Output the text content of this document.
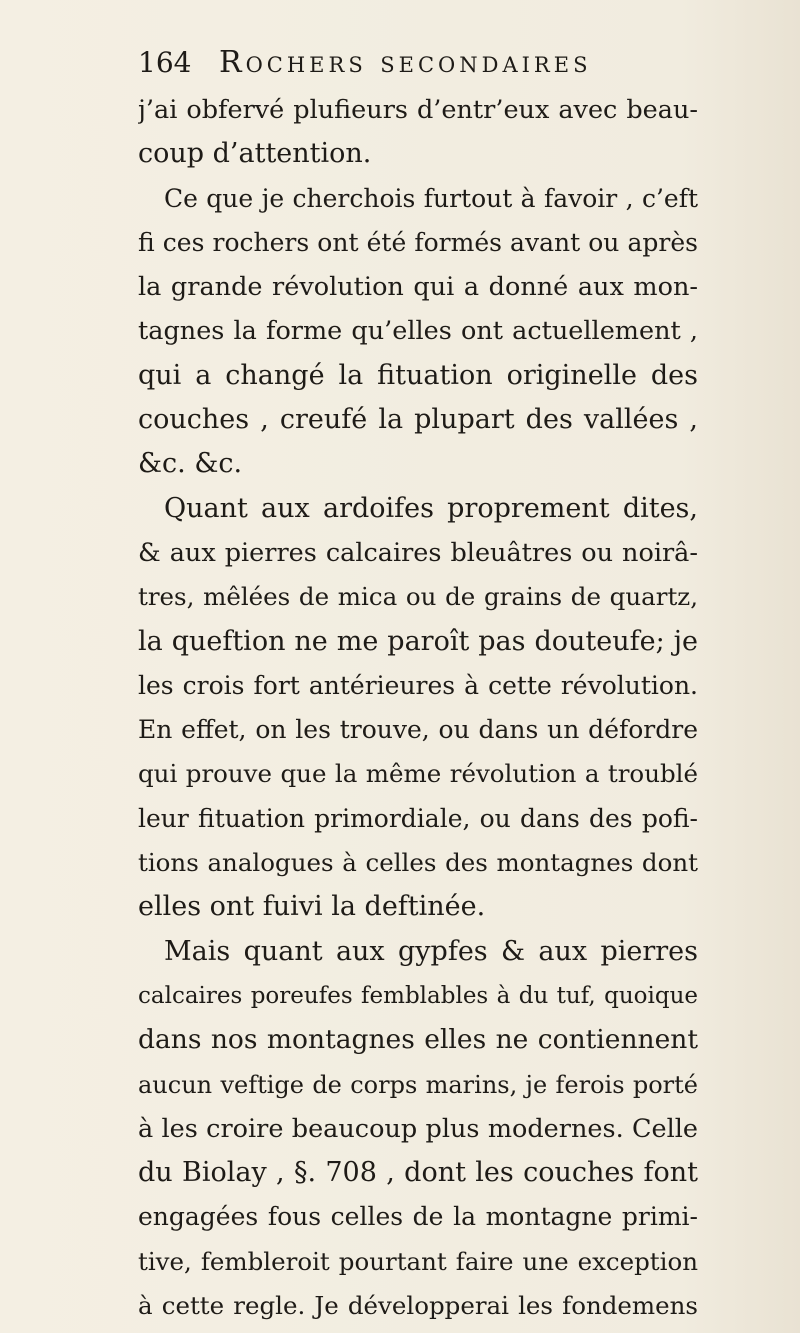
164 Rochers secondaires
j’ai obfervé plufieurs d’entr’eux avec beau-
coup d’attention.
Ce que je cherchois furtout à favoir , c’eft
fi ces rochers ont été formés avant ou après
la grande révolution qui a donné aux mon-
tagnes la forme qu’elles ont actuellement ,
qui a changé la fituation originelle des
couches , creufé la plupart des vallées ,
&c. &c.
Quant aux ardoifes proprement dites,
& aux pierres calcaires bleuâtres ou noirâ-
tres, mêlées de mica ou de grains de quartz,
la queftion ne me paroît pas douteufe; je
les crois fort antérieures à cette révolution.
En effet, on les trouve, ou dans un défordre
qui prouve que la même révolution a troublé
leur fituation primordiale, ou dans des pofi-
tions analogues à celles des montagnes dont
elles ont fuivi la deftinée.
Mais quant aux gypfes & aux pierres
calcaires poreufes femblables à du tuf, quoique
dans nos montagnes elles ne contiennent
aucun veftige de corps marins, je ferois porté
à les croire beaucoup plus modernes. Celle
du Biolay , §. 708 , dont les couches font
engagées fous celles de la montagne primi-
tive, fembleroit pourtant faire une exception
à cette regle. Je développerai les fondemens
